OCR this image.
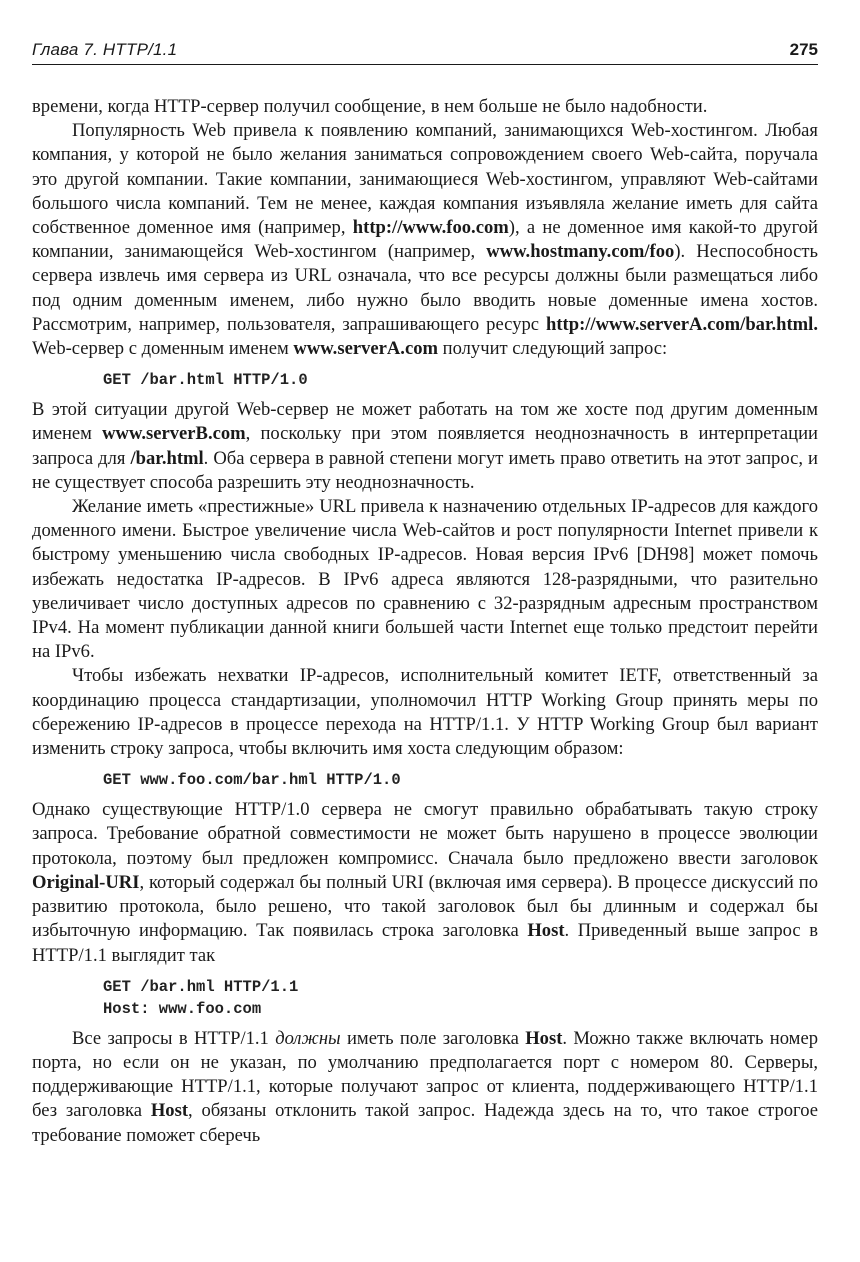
Глава 7. HTTP/1.1	275

времени, когда HTTP-сервер получил сообщение, в нем больше не было надобности.

Популярность Web привела к появлению компаний, занимающихся Web-хостингом. Любая компания, у которой не было желания заниматься сопровождением своего Web-сайта, поручала это другой компании. Такие компании, занимающиеся Web-хостингом, управляют Web-сайтами большого числа компаний. Тем не менее, каждая компания изъявляла желание иметь для сайта собственное доменное имя (например, http://www.foo.com), а не доменное имя какой-то другой компании, занимающейся Web-хостингом (например, www.hostmany.com/foo). Неспособность сервера извлечь имя сервера из URL означала, что все ресурсы должны были размещаться либо под одним доменным именем, либо нужно было вводить новые доменные имена хостов. Рассмотрим, например, пользователя, запрашивающего ресурс http://www.serverA.com/bar.html. Web-сервер с доменным именем www.serverA.com получит следующий запрос:

GET /bar.html HTTP/1.0

В этой ситуации другой Web-сервер не может работать на том же хосте под другим доменным именем www.serverB.com, поскольку при этом появляется неоднозначность в интерпретации запроса для /bar.html. Оба сервера в равной степени могут иметь право ответить на этот запрос, и не существует способа разрешить эту неоднозначность.

Желание иметь «престижные» URL привела к назначению отдельных IP-адресов для каждого доменного имени. Быстрое увеличение числа Web-сайтов и рост популярности Internet привели к быстрому уменьшению числа свободных IP-адресов. Новая версия IPv6 [DH98] может помочь избежать недостатка IP-адресов. В IPv6 адреса являются 128-разрядными, что разительно увеличивает число доступных адресов по сравнению с 32-разрядным адресным пространством IPv4. На момент публикации данной книги большей части Internet еще только предстоит перейти на IPv6.

Чтобы избежать нехватки IP-адресов, исполнительный комитет IETF, ответственный за координацию процесса стандартизации, уполномочил HTTP Working Group принять меры по сбережению IP-адресов в процессе перехода на HTTP/1.1. У HTTP Working Group был вариант изменить строку запроса, чтобы включить имя хоста следующим образом:

GET www.foo.com/bar.hml HTTP/1.0

Однако существующие HTTP/1.0 сервера не смогут правильно обрабатывать такую строку запроса. Требование обратной совместимости не может быть нарушено в процессе эволюции протокола, поэтому был предложен компромисс. Сначала было предложено ввести заголовок Original-URI, который содержал бы полный URI (включая имя сервера). В процессе дискуссий по развитию протокола, было решено, что такой заголовок был бы длинным и содержал бы избыточную информацию. Так появилась строка заголовка Host. Приведенный выше запрос в HTTP/1.1 выглядит так

GET /bar.hml HTTP/1.1
Host: www.foo.com

Все запросы в HTTP/1.1 должны иметь поле заголовка Host. Можно также включать номер порта, но если он не указан, по умолчанию предполагается порт с номером 80. Серверы, поддерживающие HTTP/1.1, которые получают запрос от клиента, поддерживающего HTTP/1.1 без заголовка Host, обязаны отклонить такой запрос. Надежда здесь на то, что такое строгое требование поможет сберечь
